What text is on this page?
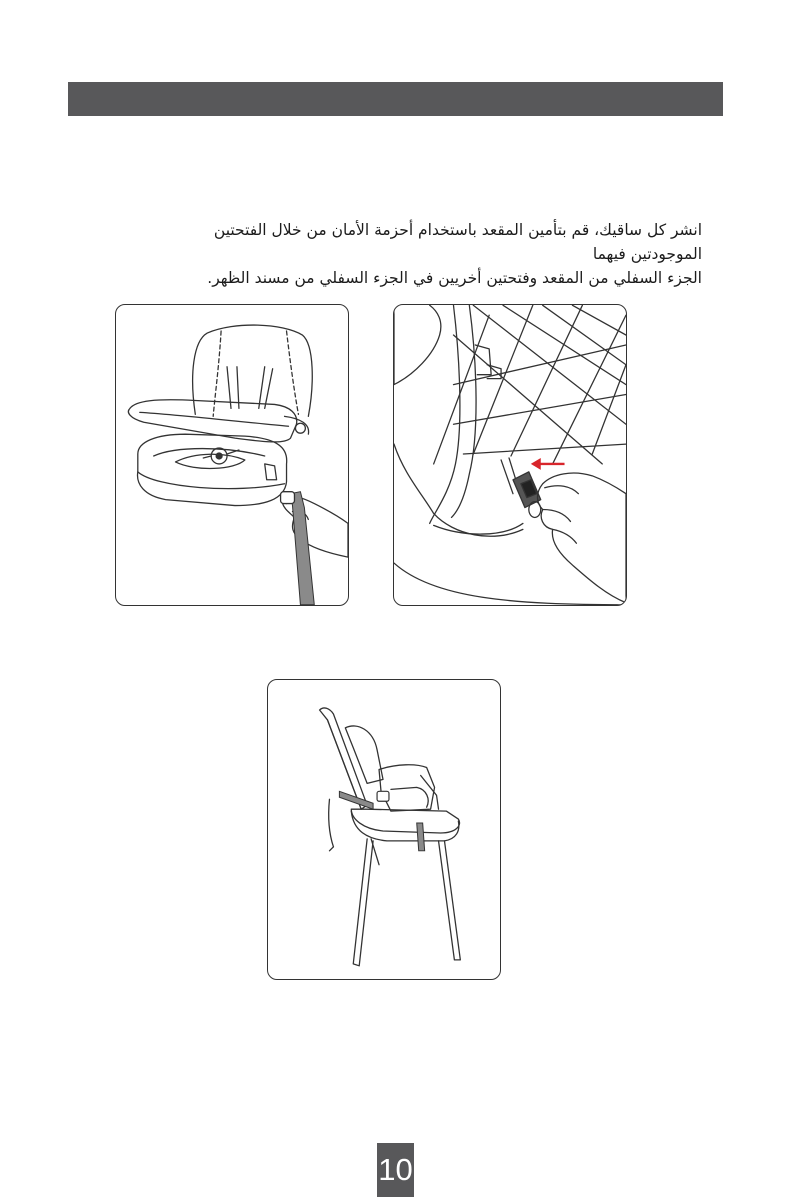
انشر كل ساقيك، قم بتأمين المقعد باستخدام أحزمة الأمان من خلال الفتحتين

الموجودتين فيهما

الجزء السفلي من المقعد وفتحتين أخريين في الجزء السفلي من مسند الظهر.

10
